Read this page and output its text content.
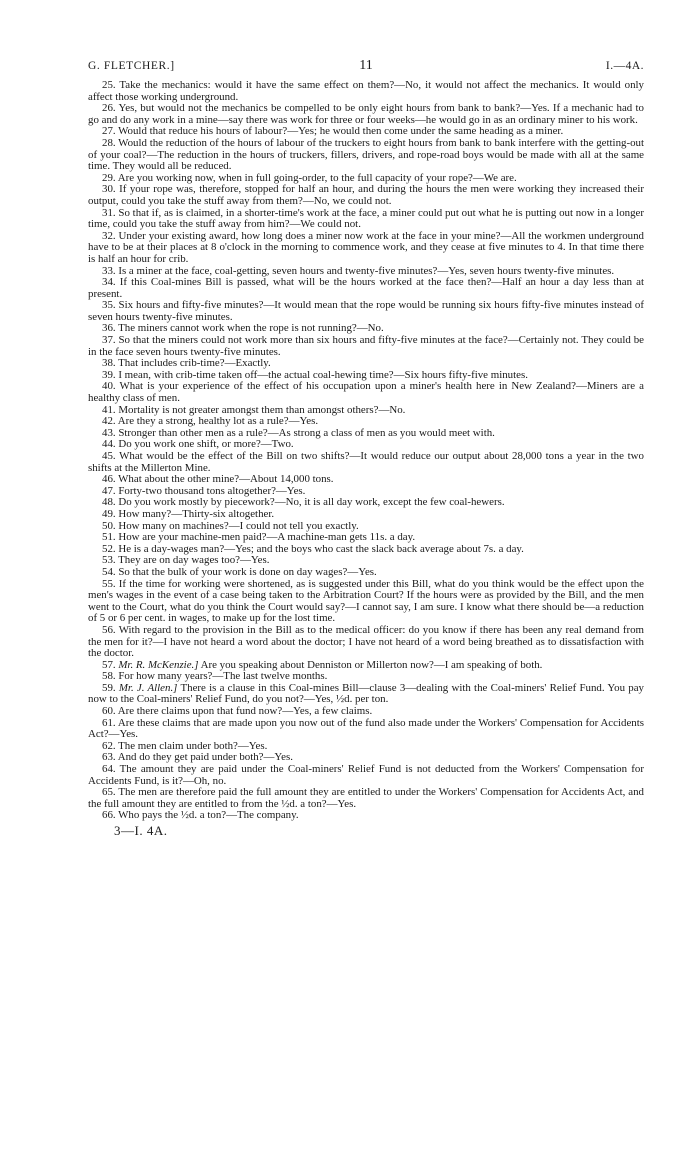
G. FLETCHER.]	11	I.—4A.

25. Take the mechanics: would it have the same effect on them?—No, it would not affect the mechanics. It would only affect those working underground.

26. Yes, but would not the mechanics be compelled to be only eight hours from bank to bank?—Yes. If a mechanic had to go and do any work in a mine—say there was work for three or four weeks—he would go in as an ordinary miner to his work.

27. Would that reduce his hours of labour?—Yes; he would then come under the same heading as a miner.

28. Would the reduction of the hours of labour of the truckers to eight hours from bank to bank interfere with the getting-out of your coal?—The reduction in the hours of truckers, fillers, drivers, and rope-road boys would be made with all at the same time. They would all be reduced.

29. Are you working now, when in full going-order, to the full capacity of your rope?—We are.

30. If your rope was, therefore, stopped for half an hour, and during the hours the men were working they increased their output, could you take the stuff away from them?—No, we could not.

31. So that if, as is claimed, in a shorter-time's work at the face, a miner could put out what he is putting out now in a longer time, could you take the stuff away from him?—We could not.

32. Under your existing award, how long does a miner now work at the face in your mine?—All the workmen underground have to be at their places at 8 o'clock in the morning to commence work, and they cease at five minutes to 4. In that time there is half an hour for crib.

33. Is a miner at the face, coal-getting, seven hours and twenty-five minutes?—Yes, seven hours twenty-five minutes.

34. If this Coal-mines Bill is passed, what will be the hours worked at the face then?—Half an hour a day less than at present.

35. Six hours and fifty-five minutes?—It would mean that the rope would be running six hours fifty-five minutes instead of seven hours twenty-five minutes.

36. The miners cannot work when the rope is not running?—No.

37. So that the miners could not work more than six hours and fifty-five minutes at the face?—Certainly not. They could be in the face seven hours twenty-five minutes.

38. That includes crib-time?—Exactly.

39. I mean, with crib-time taken off—the actual coal-hewing time?—Six hours fifty-five minutes.

40. What is your experience of the effect of his occupation upon a miner's health here in New Zealand?—Miners are a healthy class of men.

41. Mortality is not greater amongst them than amongst others?—No.

42. Are they a strong, healthy lot as a rule?—Yes.

43. Stronger than other men as a rule?—As strong a class of men as you would meet with.

44. Do you work one shift, or more?—Two.

45. What would be the effect of the Bill on two shifts?—It would reduce our output about 28,000 tons a year in the two shifts at the Millerton Mine.

46. What about the other mine?—About 14,000 tons.

47. Forty-two thousand tons altogether?—Yes.

48. Do you work mostly by piecework?—No, it is all day work, except the few coal-hewers.

49. How many?—Thirty-six altogether.

50. How many on machines?—I could not tell you exactly.

51. How are your machine-men paid?—A machine-man gets 11s. a day.

52. He is a day-wages man?—Yes; and the boys who cast the slack back average about 7s. a day.

53. They are on day wages too?—Yes.

54. So that the bulk of your work is done on day wages?—Yes.

55. If the time for working were shortened, as is suggested under this Bill, what do you think would be the effect upon the men's wages in the event of a case being taken to the Arbitration Court? If the hours were as provided by the Bill, and the men went to the Court, what do you think the Court would say?—I cannot say, I am sure. I know what there should be—a reduction of 5 or 6 per cent. in wages, to make up for the lost time.

56. With regard to the provision in the Bill as to the medical officer: do you know if there has been any real demand from the men for it?—I have not heard a word about the doctor; I have not heard of a word being breathed as to dissatisfaction with the doctor.

57. Mr. R. McKenzie.] Are you speaking about Denniston or Millerton now?—I am speaking of both.

58. For how many years?—The last twelve months.

59. Mr. J. Allen.] There is a clause in this Coal-mines Bill—clause 3—dealing with the Coal-miners' Relief Fund. You pay now to the Coal-miners' Relief Fund, do you not?—Yes, ½d. per ton.

60. Are there claims upon that fund now?—Yes, a few claims.

61. Are these claims that are made upon you now out of the fund also made under the Workers' Compensation for Accidents Act?—Yes.

62. The men claim under both?—Yes.

63. And do they get paid under both?—Yes.

64. The amount they are paid under the Coal-miners' Relief Fund is not deducted from the Workers' Compensation for Accidents Fund, is it?—Oh, no.

65. The men are therefore paid the full amount they are entitled to under the Workers' Compensation for Accidents Act, and the full amount they are entitled to from the ½d. a ton?—Yes.

66. Who pays the ½d. a ton?—The company.

3—I. 4A.
